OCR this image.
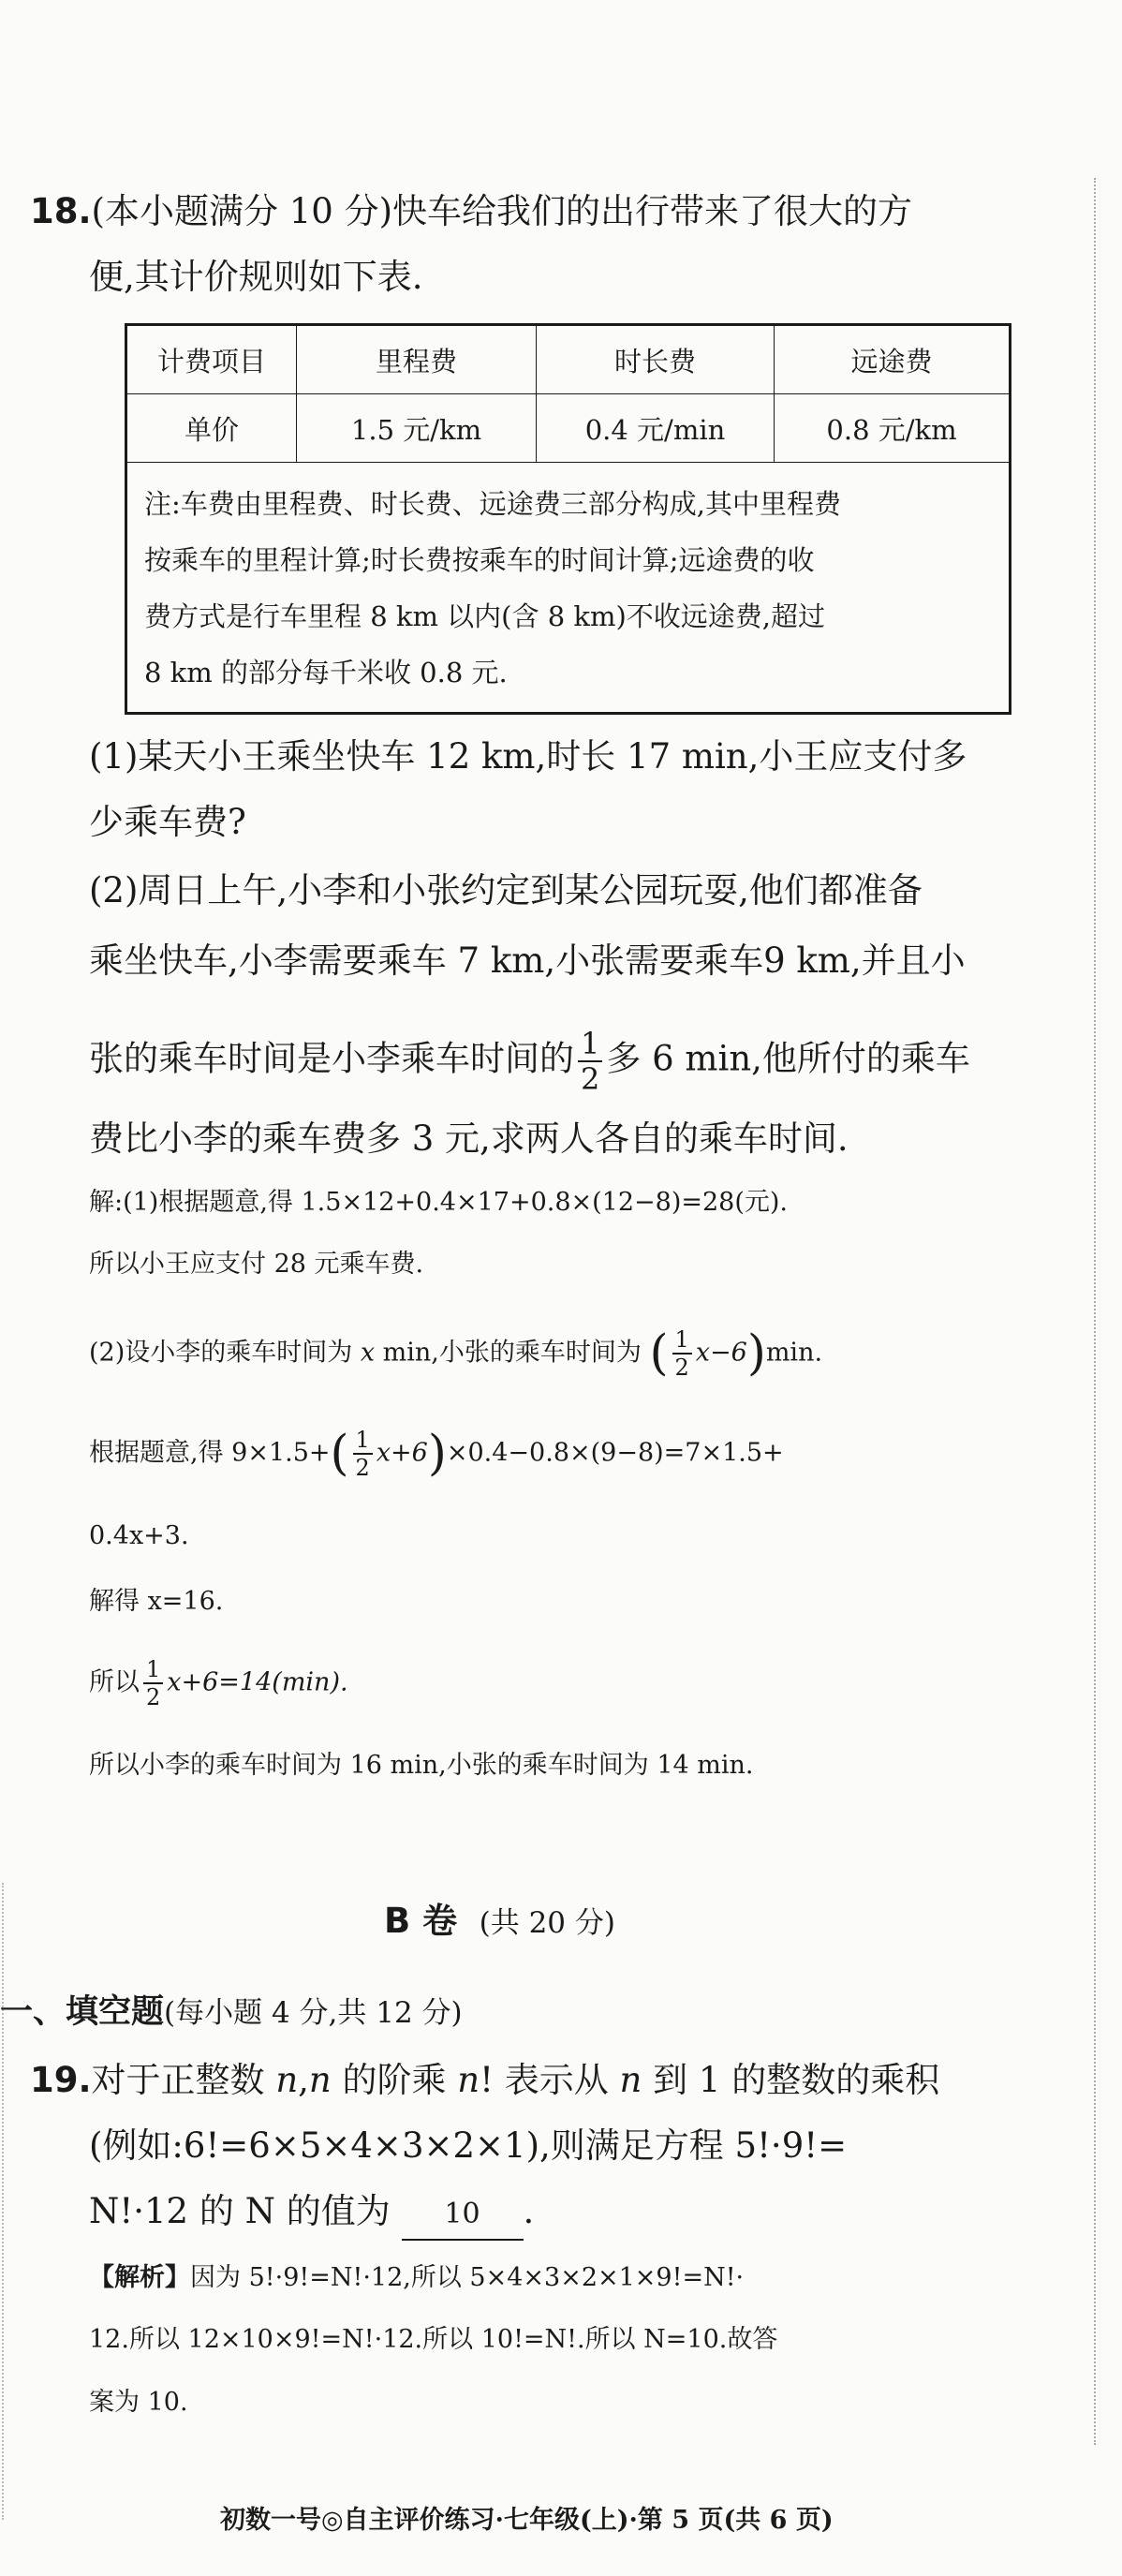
18.(本小题满分 10 分)快车给我们的出行带来了很大的方
便,其计价规则如下表.
计费项目	里程费	时长费	远途费
单价	1.5 元/km	0.4 元/min	0.8 元/km

注:车费由里程费、时长费、远途费三部分构成,其中里程费
按乘车的里程计算;时长费按乘车的时间计算;远途费的收
费方式是行车里程 8 km 以内(含 8 km)不收远途费,超过
8 km 的部分每千米收 0.8 元.			
(1)某天小王乘坐快车 12 km,时长 17 min,小王应支付多
少乘车费?
(2)周日上午,小李和小张约定到某公园玩耍,他们都准备
乘坐快车,小李需要乘车 7 km,小张需要乘车9 km,并且小
张的乘车时间是小李乘车时间的 $\frac{1}{2}$ 多 6 min,他所付的乘车
费比小李的乘车费多 3 元,求两人各自的乘车时间.
解:(1)根据题意,得 1.5×12+0.4×17+0.8×(12−8)=28(元).
所以小王应支付 28 元乘车费.
(2)设小李的乘车时间为 x min,小张的乘车时间为 ( $\frac{1}{2} x-6)\min$.
根据题意,得 $9\times 1.5+( \frac{1}{2} x+6)\times 0.4-0.8\times(9-8)=7\times 1.5+$
0.4x+3.
解得 x=16.
所以 $\frac{1}{2} x+6=14(\min)$.
所以小李的乘车时间为 16 min,小张的乘车时间为 14 min.
B 卷 (共 20 分)
一、填空题(每小题 4 分,共 12 分)
19.对于正整数 n,n 的阶乘 n! 表示从 n 到 1 的整数的乘积
(例如:6!=6×5×4×3×2×1),则满足方程 5!·9!=
N!·12 的 N 的值为 10 .
【解析】因为 5!·9!=N!·12,所以 5×4×3×2×1×9!=N!·
12.所以 12×10×9!=N!·12.所以 10!=N!.所以 N=10.故答
案为 10.
初数一号◎自主评价练习·七年级(上)·第 5 页(共 6 页)
